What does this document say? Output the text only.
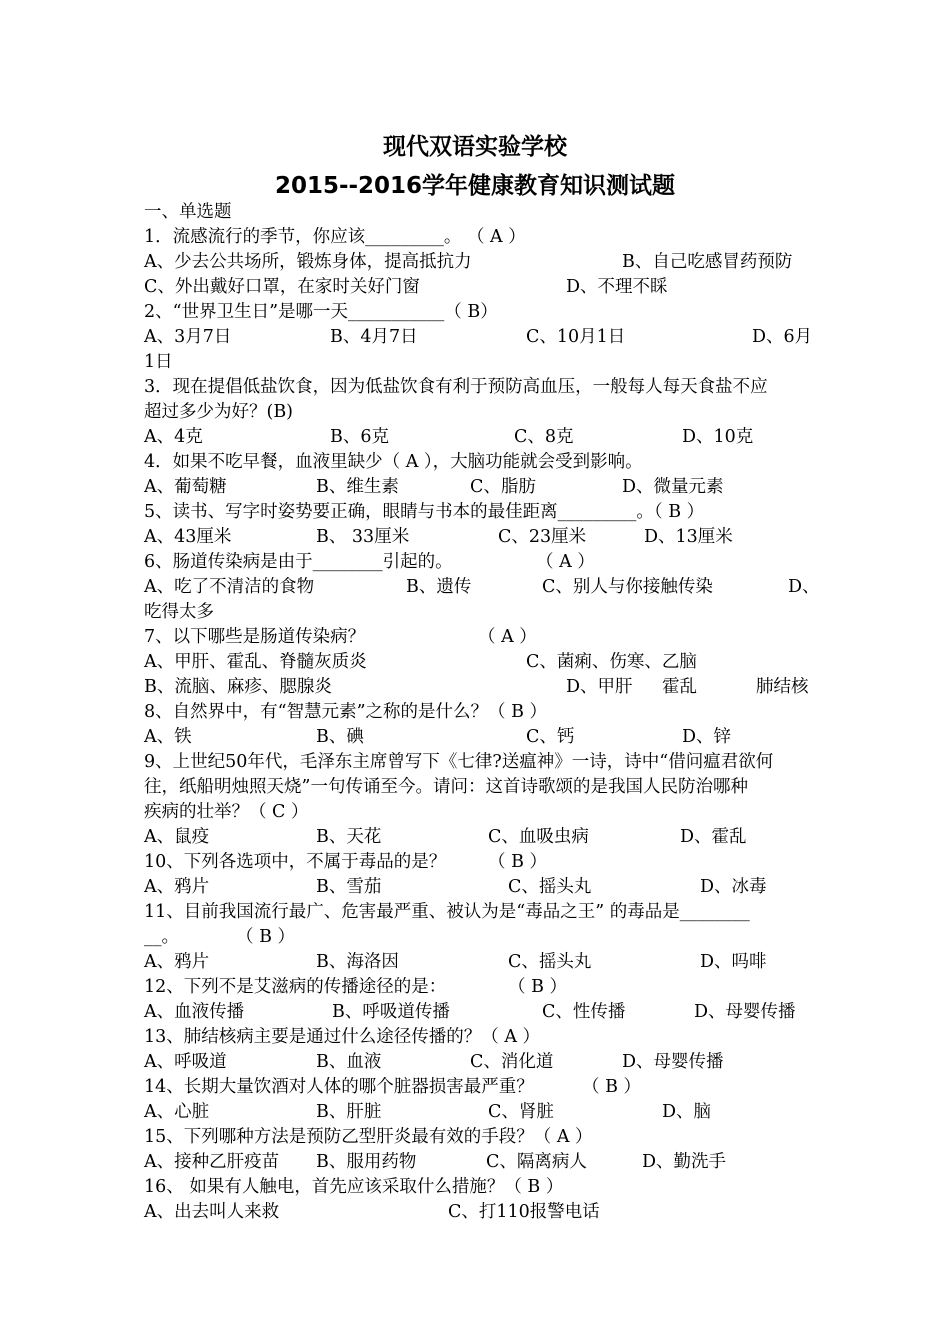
现代双语实验学校
2015--2016学年健康教育知识测试题
一、单选题
1．流感流行的季节，你应该_________。 （ A ）
A、少去公共场所，锻炼身体，提高抵抗力	B、自己吃感冒药预防
C、外出戴好口罩，在家时关好门窗	D、不理不睬
2、“世界卫生日”是哪一天___________（ B）
A、3月7日	B、4月7日	C、10月1日	D、6月
1日
3．现在提倡低盐饮食，因为低盐饮食有利于预防高血压，一般每人每天食盐不应
超过多少为好？(B)
A、4克	B、6克	C、8克	D、10克
4．如果不吃早餐，血液里缺少（ A ），大脑功能就会受到影响。
A、葡萄糖	B、维生素	C、脂肪	D、微量元素
5、读书、写字时姿势要正确，眼睛与书本的最佳距离_________。（ B ）
A、43厘米	B、 33厘米	C、23厘米	D、13厘米
6、肠道传染病是由于________引起的。	（ A ）
A、吃了不清洁的食物	B、遗传	C、别人与你接触传染	D、
吃得太多
7、以下哪些是肠道传染病？	（ A ）
A、甲肝、霍乱、脊髓灰质炎	C、菌痢、伤寒、乙脑
B、流脑、麻疹、腮腺炎	D、甲肝 霍乱	肺结核
8、自然界中，有“智慧元素”之称的是什么？（ B ）
A、铁	B、碘	C、钙	D、锌
9、上世纪50年代，毛泽东主席曾写下《七律?送瘟神》一诗，诗中“借问瘟君欲何
往，纸船明烛照天烧”一句传诵至今。请问：这首诗歌颂的是我国人民防治哪种
疾病的壮举？（ C ）
A、鼠疫	B、天花	C、血吸虫病	D、霍乱
10、下列各选项中，不属于毒品的是？ （ B ）
A、鸦片	B、雪茄	C、摇头丸	D、冰毒
11、目前我国流行最广、危害最严重、被认为是“毒品之王” 的毒品是________
__。	（ B ）
A、鸦片	B、海洛因	C、摇头丸	D、吗啡
12、下列不是艾滋病的传播途径的是：	（ B ）
A、血液传播	B、呼吸道传播	C、性传播	D、母婴传播
13、肺结核病主要是通过什么途径传播的？（ A ）
A、呼吸道	B、血液	C、消化道	D、母婴传播
14、长期大量饮酒对人体的哪个脏器损害最严重？	（ B ）
A、心脏	B、肝脏	C、肾脏	D、脑
15、下列哪种方法是预防乙型肝炎最有效的手段？（ A ）
A、接种乙肝疫苗 B、服用药物	C、隔离病人	D、勤洗手
16、 如果有人触电，首先应该采取什么措施？（ B ）
A、出去叫人来救	C、打110报警电话
